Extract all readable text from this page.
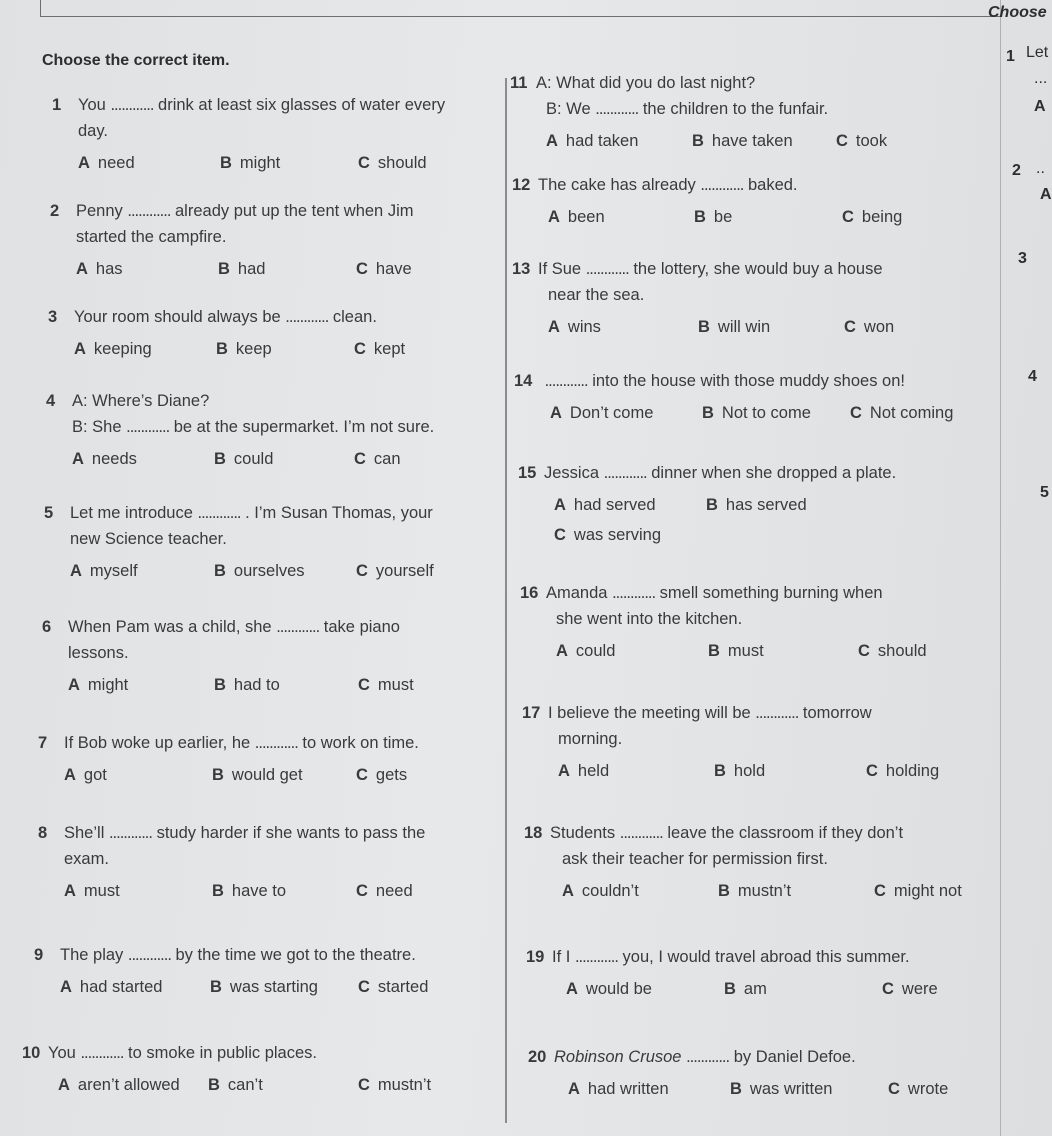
Choose the correct item.
1 You ............ drink at least six glasses of water every
day.
A need	B might	C should
2 Penny ............ already put up the tent when Jim
started the campfire.
A has	B had	C have
3 Your room should always be ............ clean.
A keeping	B keep	C kept
4 A: Where’s Diane?
B: She ............ be at the supermarket. I’m not sure.
A needs	B could	C can
5 Let me introduce ............ . I’m Susan Thomas, your
new Science teacher.
A myself	B ourselves	C yourself
6 When Pam was a child, she ............ take piano
lessons.
A might	B had to	C must
7 If Bob woke up earlier, he ............ to work on time.
A got	B would get	C gets
8 She’ll ............ study harder if she wants to pass the
exam.
A must	B have to	C need
9 The play ............ by the time we got to the theatre.
A had started	B was starting	C started
10 You ............ to smoke in public places.
A aren’t allowed	B can’t	C mustn’t
11 A: What did you do last night?
B: We ............ the children to the funfair.
A had taken	B have taken	C took
12 The cake has already ............ baked.
A been	B be	C being
13 If Sue ............ the lottery, she would buy a house
near the sea.
A wins	B will win	C won
14 ............ into the house with those muddy shoes on!
A Don’t come	B Not to come	C Not coming
15 Jessica ............ dinner when she dropped a plate.
A had served	B has served
C was serving
16 Amanda ............ smell something burning when
she went into the kitchen.
A could	B must	C should
17 I believe the meeting will be ............ tomorrow
morning.
A held	B hold	C holding
18 Students ............ leave the classroom if they don’t
ask their teacher for permission first.
A couldn’t	B mustn’t	C might not
19 If I ............ you, I would travel abroad this summer.
A would be	B am	C were
20 Robinson Crusoe ............ by Daniel Defoe.
A had written	B was written	C wrote
Choose
1 Let
...
A
2 ..
A
3
4
5
